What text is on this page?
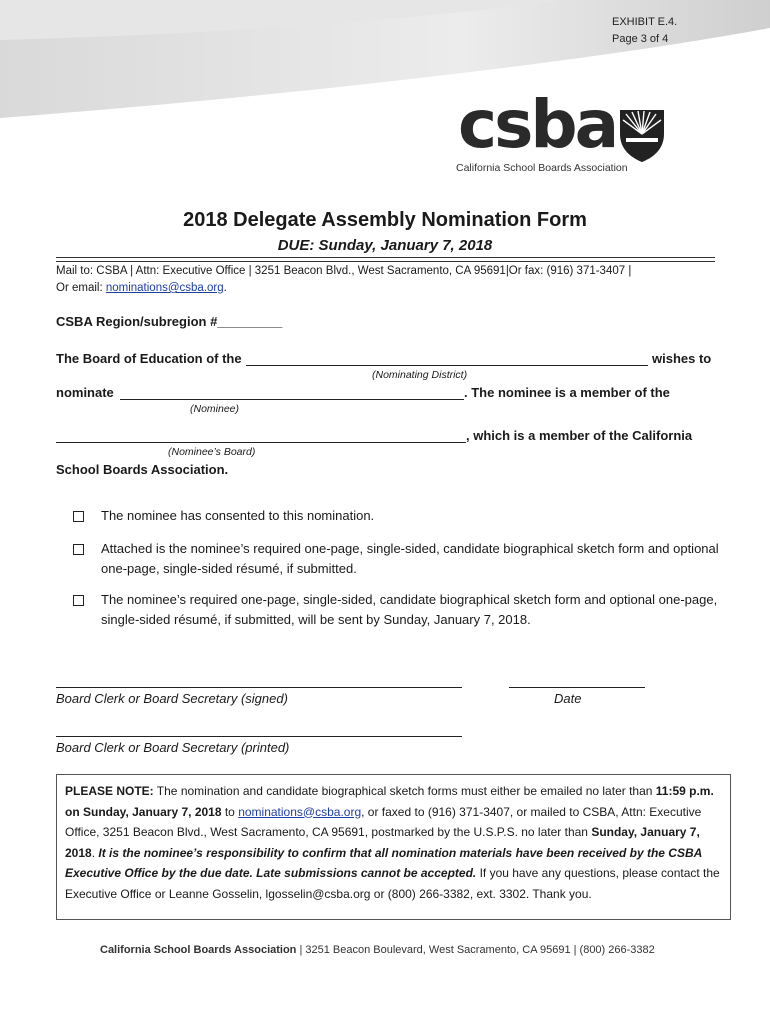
EXHIBIT E.4.
Page 3 of 4
csba
California School Boards Association
2018 Delegate Assembly Nomination Form
DUE: Sunday, January 7, 2018
Mail to: CSBA | Attn: Executive Office | 3251 Beacon Blvd., West Sacramento, CA 95691|Or fax: (916) 371-3407 |
Or email: nominations@csba.org.
CSBA Region/subregion #_________
The Board of Education of the	wishes to
(Nominating District)
nominate	. The nominee is a member of the
(Nominee)
, which is a member of the California
(Nominee’s Board)
School Boards Association.
The nominee has consented to this nomination.
Attached is the nominee’s required one-page, single-sided, candidate biographical sketch form and optional one-page, single-sided résumé, if submitted.
The nominee’s required one-page, single-sided, candidate biographical sketch form and optional one-page, single-sided résumé, if submitted, will be sent by Sunday, January 7, 2018.
Board Clerk or Board Secretary (signed)	Date
Board Clerk or Board Secretary (printed)
PLEASE NOTE: The nomination and candidate biographical sketch forms must either be emailed no later than 11:59 p.m. on Sunday, January 7, 2018 to nominations@csba.org, or faxed to (916) 371-3407, or mailed to CSBA, Attn: Executive Office, 3251 Beacon Blvd., West Sacramento, CA 95691, postmarked by the U.S.P.S. no later than Sunday, January 7, 2018. It is the nominee’s responsibility to confirm that all nomination materials have been received by the CSBA Executive Office by the due date. Late submissions cannot be accepted. If you have any questions, please contact the Executive Office or Leanne Gosselin, lgosselin@csba.org or (800) 266-3382, ext. 3302. Thank you.
California School Boards Association | 3251 Beacon Boulevard, West Sacramento, CA 95691 | (800) 266-3382
